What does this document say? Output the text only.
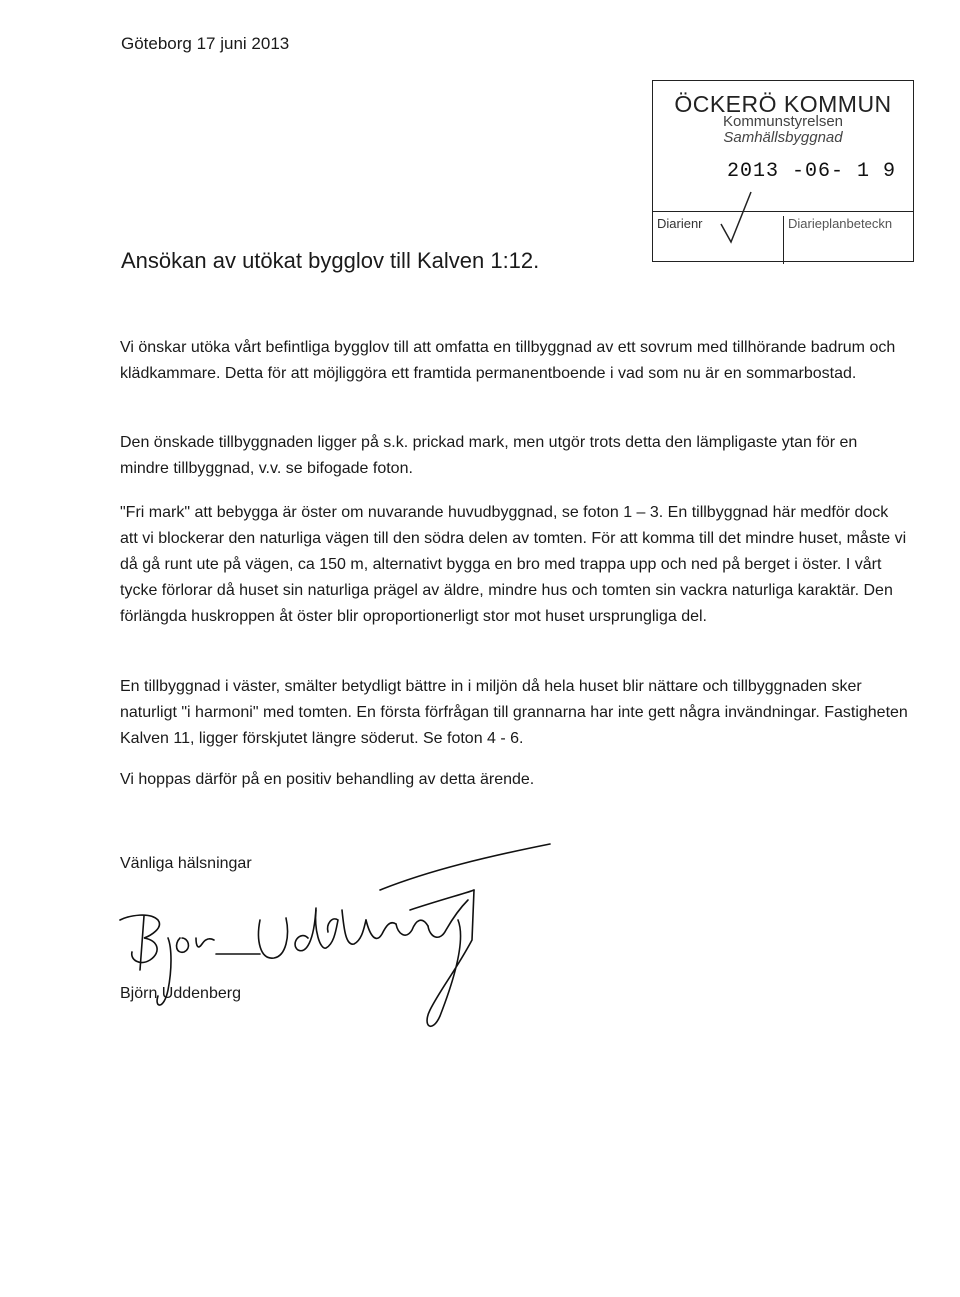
Göteborg 17 juni 2013
ÖCKERÖ KOMMUN
Kommunstyrelsen
Samhällsbyggnad
2013 -06- 1 9
Diarienr	Diarieplanbeteckn
Ansökan av utökat bygglov till Kalven 1:12.
Vi önskar utöka vårt befintliga bygglov till att omfatta en tillbyggnad av ett sovrum med tillhörande badrum och klädkammare. Detta för att möjliggöra ett framtida permanentboende i vad som nu är en sommarbostad.
Den önskade tillbyggnaden ligger på s.k. prickad mark, men utgör trots detta den lämpligaste ytan för en mindre tillbyggnad, v.v. se bifogade foton.
"Fri mark" att bebygga är öster om nuvarande huvudbyggnad, se foton 1 – 3. En tillbyggnad här medför dock att vi blockerar den naturliga vägen till den södra delen av tomten. För att komma till det mindre huset, måste vi då gå runt ute på vägen, ca 150 m, alternativt bygga en bro med trappa upp och ned på berget i öster. I vårt tycke förlorar då huset sin naturliga prägel av äldre, mindre hus och tomten sin vackra naturliga karaktär. Den förlängda huskroppen åt öster blir oproportionerligt stor mot huset ursprungliga del.
En tillbyggnad i väster, smälter betydligt bättre in i miljön då hela huset blir nättare och tillbyggnaden sker naturligt "i harmoni" med tomten. En första förfrågan till grannarna har inte gett några invändningar. Fastigheten Kalven 11, ligger förskjutet längre söderut. Se foton 4 - 6.
Vi hoppas därför på en positiv behandling av detta ärende.
Vänliga hälsningar
Björn Uddenberg
